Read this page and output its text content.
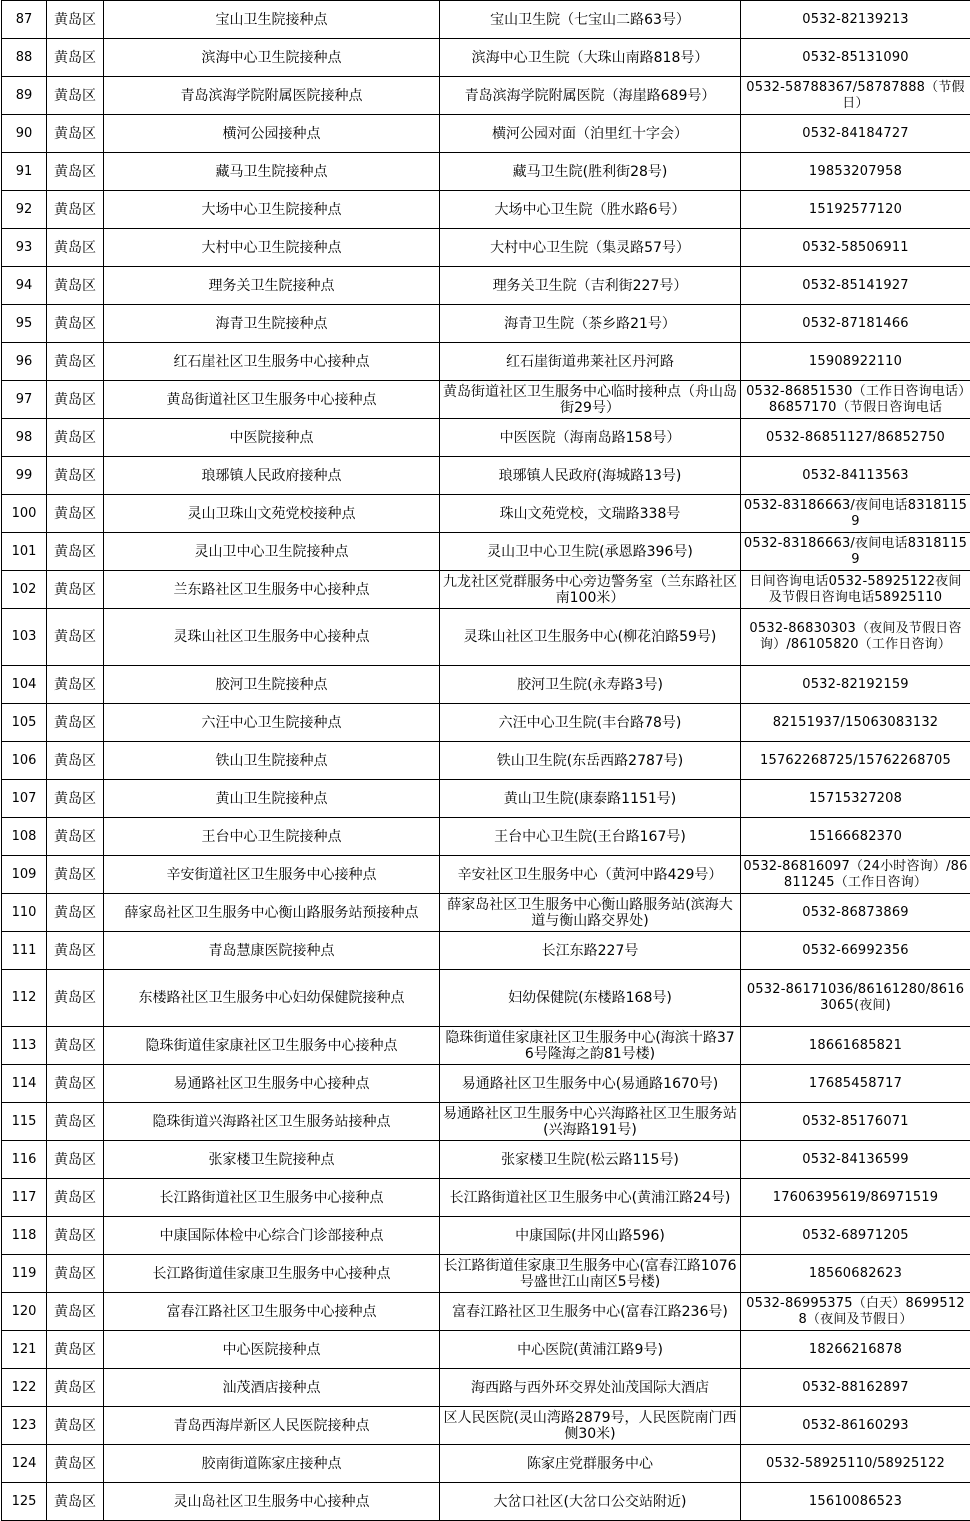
87	黄岛区	宝山卫生院接种点	宝山卫生院（七宝山二路63号）	0532-82139213
88	黄岛区	滨海中心卫生院接种点	滨海中心卫生院（大珠山南路818号）	0532-85131090
89	黄岛区	青岛滨海学院附属医院接种点	青岛滨海学院附属医院（海崖路689号）	0532-58788367/58787888（节假日）
90	黄岛区	横河公园接种点	横河公园对面（泊里红十字会）	0532-84184727
91	黄岛区	藏马卫生院接种点	藏马卫生院(胜利街28号)	19853207958
92	黄岛区	大场中心卫生院接种点	大场中心卫生院（胜水路6号）	15192577120
93	黄岛区	大村中心卫生院接种点	大村中心卫生院（集灵路57号）	0532-58506911
94	黄岛区	理务关卫生院接种点	理务关卫生院（吉利街227号）	0532-85141927
95	黄岛区	海青卫生院接种点	海青卫生院（茶乡路21号）	0532-87181466
96	黄岛区	红石崖社区卫生服务中心接种点	红石崖街道弗莱社区丹河路	15908922110
97	黄岛区	黄岛街道社区卫生服务中心接种点	黄岛街道社区卫生服务中心临时接种点（舟山岛街29号）	0532-86851530（工作日咨询电话）86857170（节假日咨询电话
98	黄岛区	中医院接种点	中医医院（海南岛路158号）	0532-86851127/86852750
99	黄岛区	琅琊镇人民政府接种点	琅琊镇人民政府(海城路13号)	0532-84113563
100	黄岛区	灵山卫珠山文苑党校接种点	珠山文苑党校，文瑞路338号	0532-83186663/夜间电话83181159
101	黄岛区	灵山卫中心卫生院接种点	灵山卫中心卫生院(承恩路396号)	0532-83186663/夜间电话83181159
102	黄岛区	兰东路社区卫生服务中心接种点	九龙社区党群服务中心旁边警务室（兰东路社区南100米）	日间咨询电话0532-58925122夜间及节假日咨询电话58925110
103	黄岛区	灵珠山社区卫生服务中心接种点	灵珠山社区卫生服务中心(柳花泊路59号)	0532-86830303（夜间及节假日咨询）/86105820（工作日咨询）
104	黄岛区	胶河卫生院接种点	胶河卫生院(永寿路3号)	0532-82192159
105	黄岛区	六汪中心卫生院接种点	六汪中心卫生院(丰台路78号)	82151937/15063083132
106	黄岛区	铁山卫生院接种点	铁山卫生院(东岳西路2787号)	15762268725/15762268705
107	黄岛区	黄山卫生院接种点	黄山卫生院(康泰路1151号)	15715327208
108	黄岛区	王台中心卫生院接种点	王台中心卫生院(王台路167号)	15166682370
109	黄岛区	辛安街道社区卫生服务中心接种点	辛安社区卫生服务中心（黄河中路429号）	0532-86816097（24小时咨询）/86811245（工作日咨询）
110	黄岛区	薛家岛社区卫生服务中心衡山路服务站预接种点	薛家岛社区卫生服务中心衡山路服务站(滨海大道与衡山路交界处)	0532-86873869
111	黄岛区	青岛慧康医院接种点	长江东路227号	0532-66992356
112	黄岛区	东楼路社区卫生服务中心妇幼保健院接种点	妇幼保健院(东楼路168号)	0532-86171036/86161280/86163065(夜间)
113	黄岛区	隐珠街道佳家康社区卫生服务中心接种点	隐珠街道佳家康社区卫生服务中心(海滨十路376号隆海之韵81号楼)	18661685821
114	黄岛区	易通路社区卫生服务中心接种点	易通路社区卫生服务中心(易通路1670号)	17685458717
115	黄岛区	隐珠街道兴海路社区卫生服务站接种点	易通路社区卫生服务中心兴海路社区卫生服务站(兴海路191号)	0532-85176071
116	黄岛区	张家楼卫生院接种点	张家楼卫生院(松云路115号)	0532-84136599
117	黄岛区	长江路街道社区卫生服务中心接种点	长江路街道社区卫生服务中心(黄浦江路24号)	17606395619/86971519
118	黄岛区	中康国际体检中心综合门诊部接种点	中康国际(井冈山路596)	0532-68971205
119	黄岛区	长江路街道佳家康卫生服务中心接种点	长江路街道佳家康卫生服务中心(富春江路1076号盛世江山南区5号楼)	18560682623
120	黄岛区	富春江路社区卫生服务中心接种点	富春江路社区卫生服务中心(富春江路236号)	0532-86995375（白天）86995128（夜间及节假日）
121	黄岛区	中心医院接种点	中心医院(黄浦江路9号)	18266216878
122	黄岛区	汕茂酒店接种点	海西路与西外环交界处汕茂国际大酒店	0532-88162897
123	黄岛区	青岛西海岸新区人民医院接种点	区人民医院(灵山湾路2879号，人民医院南门西侧30米)	0532-86160293
124	黄岛区	胶南街道陈家庄接种点	陈家庄党群服务中心	0532-58925110/58925122
125	黄岛区	灵山岛社区卫生服务中心接种点	大岔口社区(大岔口公交站附近)	15610086523
